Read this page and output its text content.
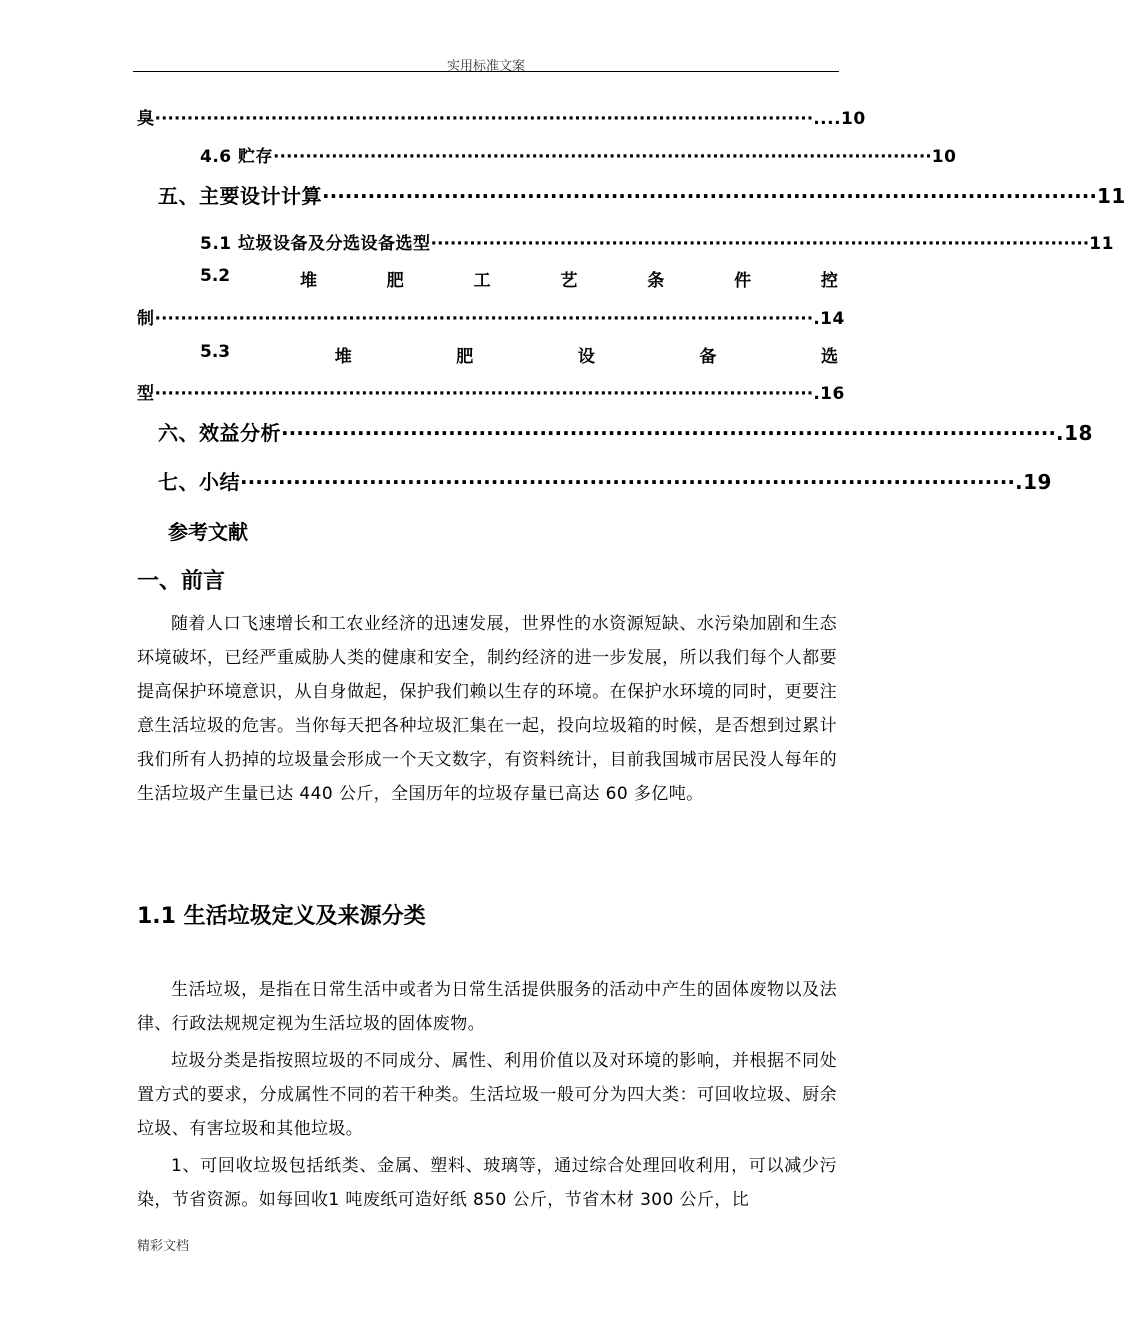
实用标准文案
臭 ······································································································ ....10
4.6 贮存 ······································································································ 10
五、主要设计计算 ······································································································ 11
5.1 垃圾设备及分选设备选型 ······································································································ 11
5.2	堆	肥	工	艺	条	件	控
制 ······································································································ .14
5.3	堆	肥	设	备	选
型 ······································································································ .16
六、效益分析 ······································································································ .18
七、小结 ······································································································ .19
参考文献
一、前言
随着人口飞速增长和工农业经济的迅速发展，世界性的水资源短缺、水污染加剧和生态环境破坏，已经严重威胁人类的健康和安全，制约经济的进一步发展，所以我们每个人都要提高保护环境意识，从自身做起，保护我们赖以生存的环境。在保护水环境的同时，更要注意生活垃圾的危害。当你每天把各种垃圾汇集在一起，投向垃圾箱的时候，是否想到过累计我们所有人扔掉的垃圾量会形成一个天文数字，有资料统计，目前我国城市居民没人每年的生活垃圾产生量已达 440 公斤，全国历年的垃圾存量已高达 60 多亿吨。
1.1 生活垃圾定义及来源分类
生活垃圾，是指在日常生活中或者为日常生活提供服务的活动中产生的固体废物以及法律、行政法规规定视为生活垃圾的固体废物。
垃圾分类是指按照垃圾的不同成分、属性、利用价值以及对环境的影响，并根据不同处置方式的要求，分成属性不同的若干种类。生活垃圾一般可分为四大类：可回收垃圾、厨余垃圾、有害垃圾和其他垃圾。
1、可回收垃圾包括纸类、金属、塑料、玻璃等，通过综合处理回收利用，可以减少污染，节省资源。如每回收1 吨废纸可造好纸 850 公斤，节省木材 300 公斤，比
精彩文档
